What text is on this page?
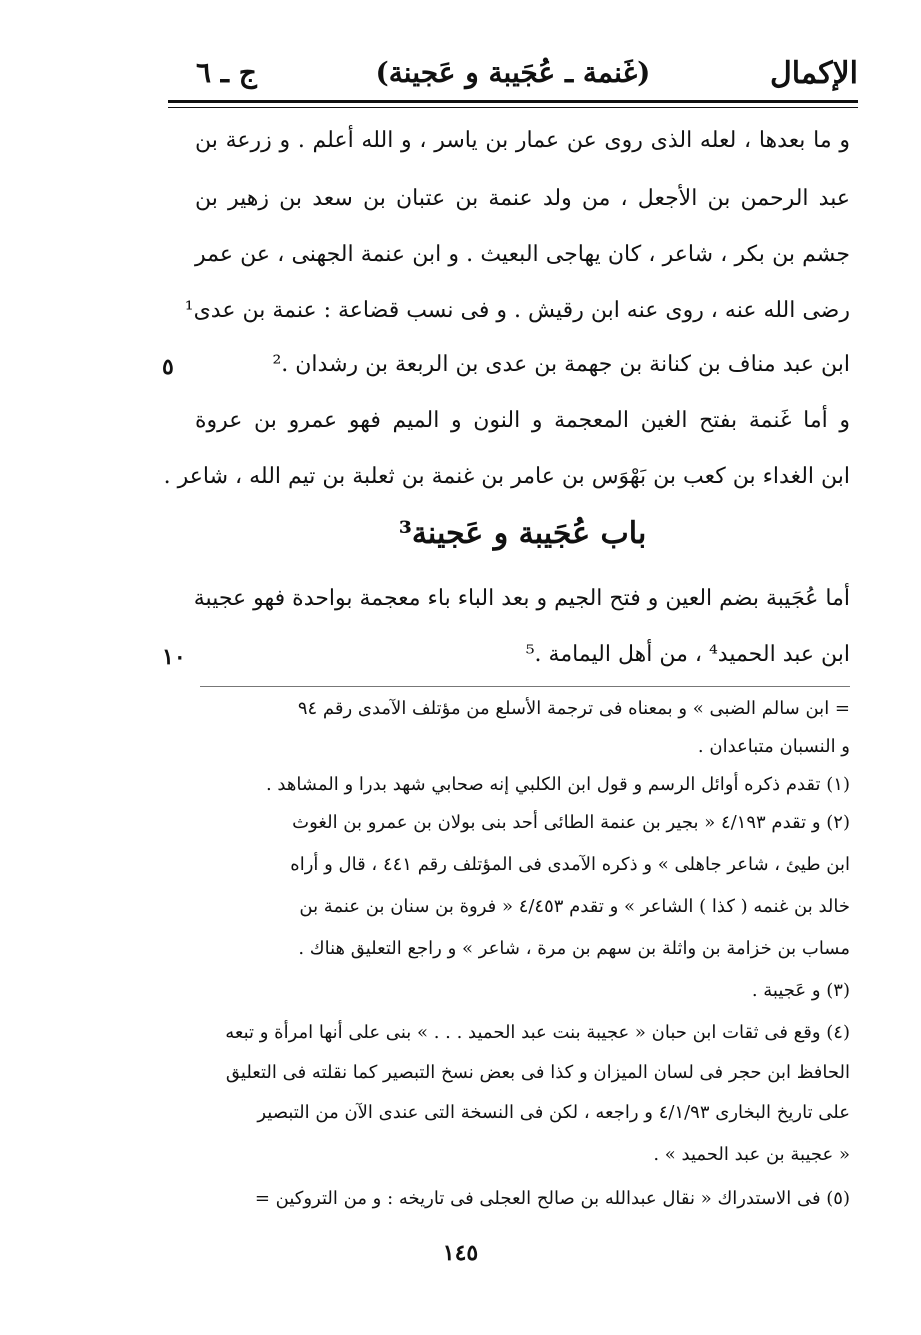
الإكمال
(غَنمة ـ عُجَيبة و عَجينة)
ج ـ ٦
و ما بعدها ، لعله الذى روى عن عمار بن ياسر ، و الله أعلم . و زرعة بن
عبد الرحمن بن الأجعل ، من ولد عنمة بن عتبان بن سعد بن زهير بن
جشم بن بكر ، شاعر ، كان يهاجى البعيث . و ابن عنمة الجهنى ، عن عمر
رضى الله عنه ، روى عنه ابن رقيش . و فى نسب قضاعة : عنمة بن عدى¹
ابن عبد مناف بن كنانة بن جهمة بن عدى بن الربعة بن رشدان .²
و أما غَنمة بفتح الغين المعجمة و النون و الميم فهو عمرو بن عروة
ابن الغداء بن كعب بن بَهْوَس بن عامر بن غنمة بن ثعلبة بن تيم الله ، شاعر .
باب عُجَيبة و عَجينة³
أما عُجَيبة بضم العين و فتح الجيم و بعد الباء باء معجمة بواحدة فهو عجيبة
ابن عبد الحميد⁴ ، من أهل اليمامة .⁵
٥
١٠
= ابن سالم الضبى » و بمعناه فى ترجمة الأسلع من مؤتلف الآمدى رقم ٩٤
و النسبان متباعدان .
(١) تقدم ذكره أوائل الرسم و قول ابن الكلبي إنه صحابي شهد بدرا و المشاهد .
(٢) و تقدم ٤/١٩٣ « بجير بن عنمة الطائى أحد بنى بولان بن عمرو بن الغوث
ابن طيئ ، شاعر جاهلى » و ذكره الآمدى فى المؤتلف رقم ٤٤١ ، قال و أراه
خالد بن غنمه ( كذا ) الشاعر » و تقدم ٤/٤٥٣ « فروة بن سنان بن عنمة بن
مساب بن خزامة بن واثلة بن سهم بن مرة ، شاعر » و راجع التعليق هناك .
(٣) و عَجيبة .
(٤) وقع فى ثقات ابن حبان « عجيبة بنت عبد الحميد . . . » بنى على أنها امرأة و تبعه
الحافظ ابن حجر فى لسان الميزان و كذا فى بعض نسخ التبصير كما نقلته فى التعليق
على تاريخ البخارى ٤/١/٩٣ و راجعه ، لكن فى النسخة التى عندى الآن من التبصير
« عجيبة بن عبد الحميد » .
(٥) فى الاستدراك « نقال عبدالله بن صالح العجلى فى تاريخه : و من التروكين =
١٤٥
